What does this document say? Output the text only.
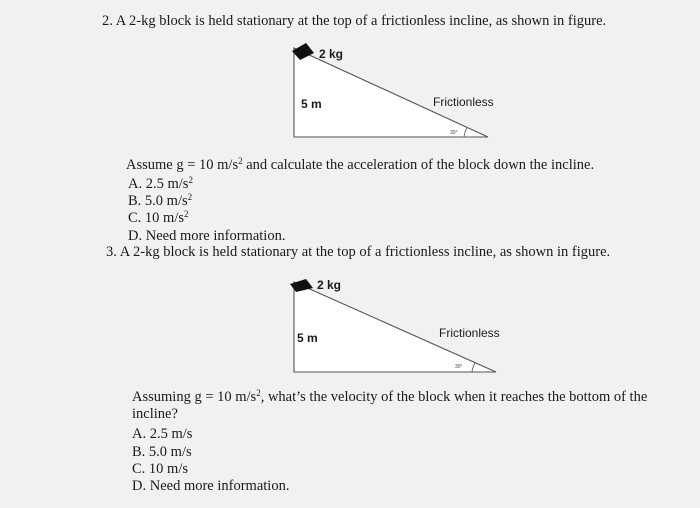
2. A 2-kg block is held stationary at the top of a frictionless incline, as shown in figure.
2 kg
5 m	Frictionless
30°
Assume g = 10 $m/s^2$ and calculate the acceleration of the block down the incline.
A. 2.5 $m/s^2$
B. 5.0 $m/s^2$
C. 10 $m/s^2$
D. Need more information.
3. A 2-kg block is held stationary at the top of a frictionless incline, as shown in figure.
2 kg
5 m	Frictionless
30°
Assuming g = 10 $m/s^2$, what’s the velocity of the block when it reaches the bottom of the
incline?
A. 2.5 m/s
B. 5.0 m/s
C. 10 m/s
D. Need more information.
